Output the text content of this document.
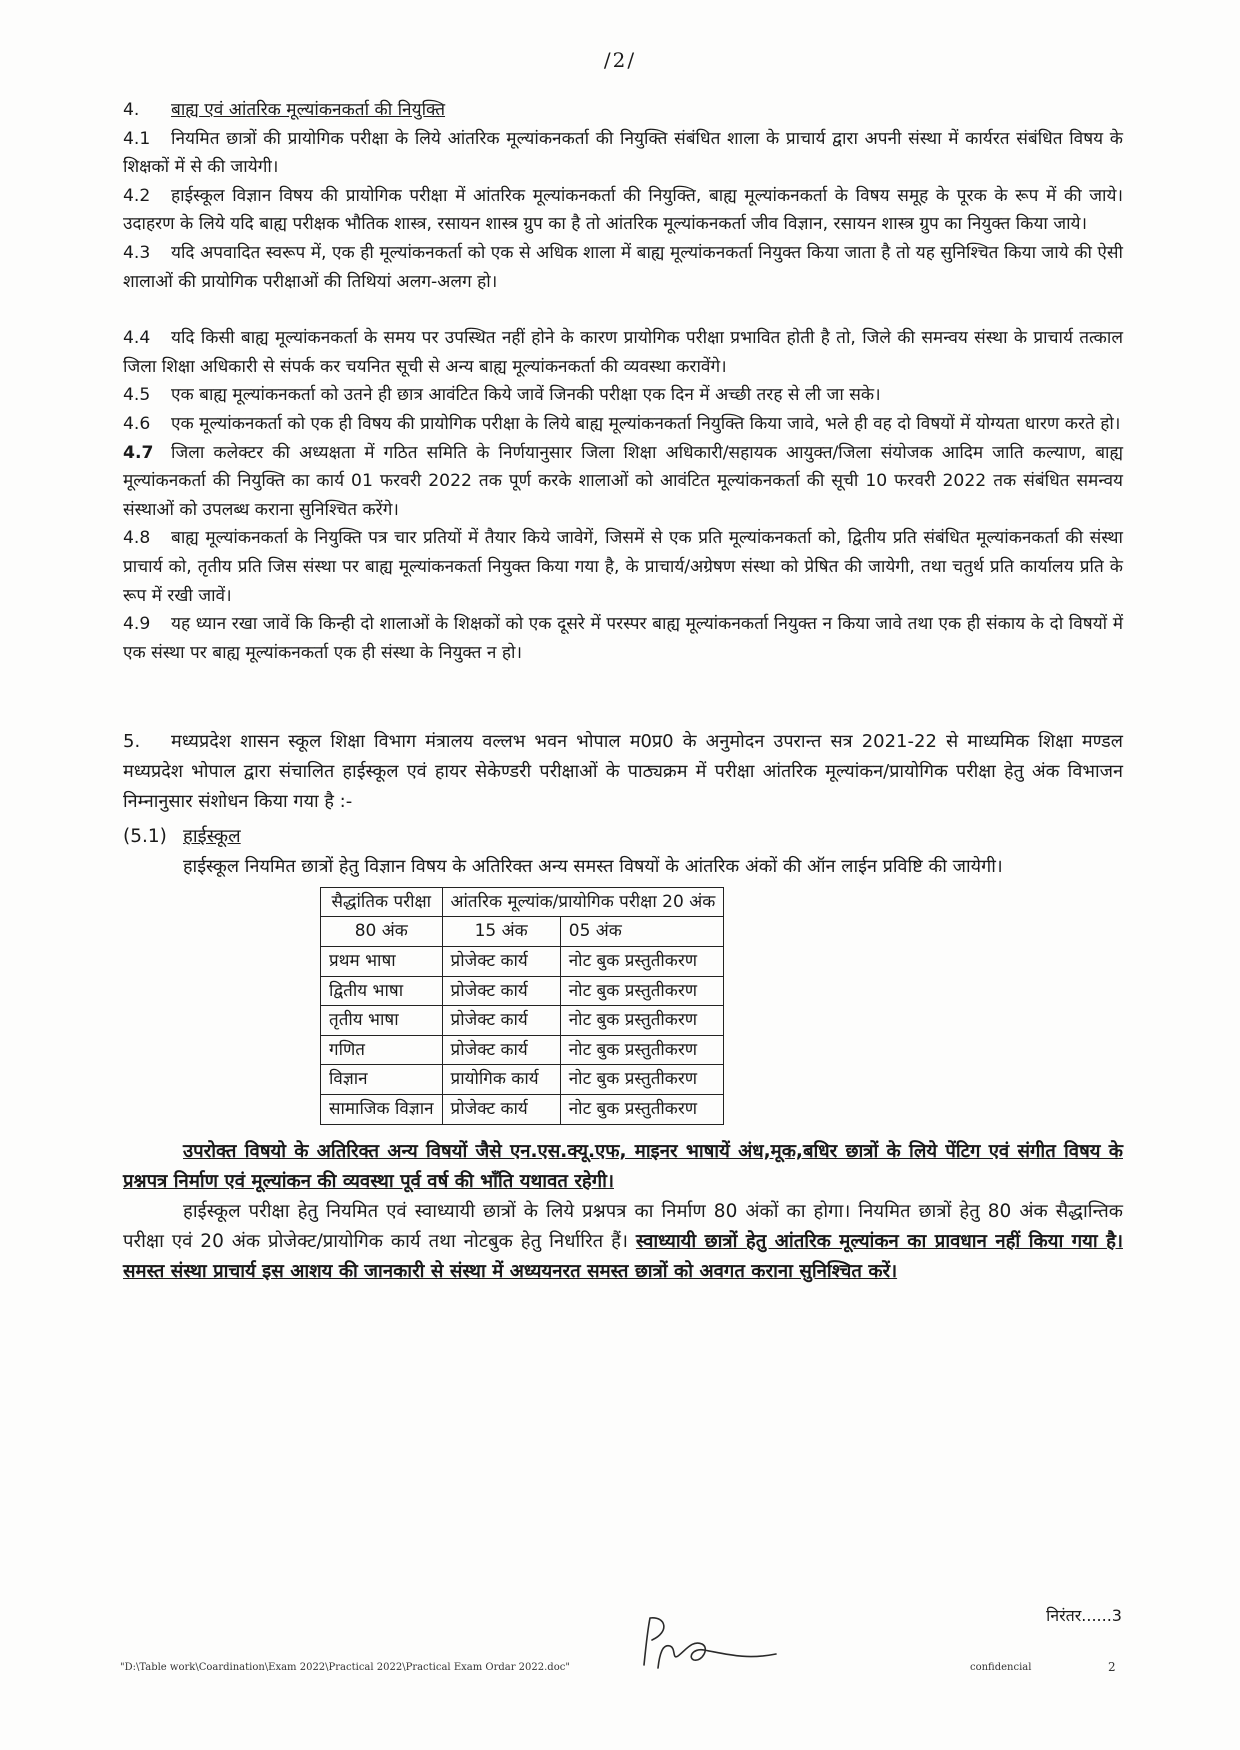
/2/

4. बाह्य एवं आंतरिक मूल्यांकनकर्ता की नियुक्ति

4.1 नियमित छात्रों की प्रायोगिक परीक्षा के लिये आंतरिक मूल्यांकनकर्ता की नियुक्ति संबंधित शाला के प्राचार्य द्वारा अपनी संस्था में कार्यरत संबंधित विषय के शिक्षकों में से की जायेगी।

4.2 हाईस्कूल विज्ञान विषय की प्रायोगिक परीक्षा में आंतरिक मूल्यांकनकर्ता की नियुक्ति, बाह्य मूल्यांकनकर्ता के विषय समूह के पूरक के रूप में की जाये। उदाहरण के लिये यदि बाह्य परीक्षक भौतिक शास्त्र, रसायन शास्त्र ग्रुप का है तो आंतरिक मूल्यांकनकर्ता जीव विज्ञान, रसायन शास्त्र ग्रुप का नियुक्त किया जाये।

4.3 यदि अपवादित स्वरूप में, एक ही मूल्यांकनकर्ता को एक से अधिक शाला में बाह्य मूल्यांकनकर्ता नियुक्त किया जाता है तो यह सुनिश्चित किया जाये की ऐसी शालाओं की प्रायोगिक परीक्षाओं की तिथियां अलग-अलग हो।

4.4 यदि किसी बाह्य मूल्यांकनकर्ता के समय पर उपस्थित नहीं होने के कारण प्रायोगिक परीक्षा प्रभावित होती है तो, जिले की समन्वय संस्था के प्राचार्य तत्काल जिला शिक्षा अधिकारी से संपर्क कर चयनित सूची से अन्य बाह्य मूल्यांकनकर्ता की व्यवस्था करावेंगे।

4.5 एक बाह्य मूल्यांकनकर्ता को उतने ही छात्र आवंटित किये जावें जिनकी परीक्षा एक दिन में अच्छी तरह से ली जा सके।

4.6 एक मूल्यांकनकर्ता को एक ही विषय की प्रायोगिक परीक्षा के लिये बाह्य मूल्यांकनकर्ता नियुक्ति किया जावे, भले ही वह दो विषयों में योग्यता धारण करते हो।

4.7 जिला कलेक्टर की अध्यक्षता में गठित समिति के निर्णयानुसार जिला शिक्षा अधिकारी/सहायक आयुक्त/जिला संयोजक आदिम जाति कल्याण, बाह्य मूल्यांकनकर्ता की नियुक्ति का कार्य 01 फरवरी 2022 तक पूर्ण करके शालाओं को आवंटित मूल्यांकनकर्ता की सूची 10 फरवरी 2022 तक संबंधित समन्वय संस्थाओं को उपलब्ध कराना सुनिश्चित करेंगे।

4.8 बाह्य मूल्यांकनकर्ता के नियुक्ति पत्र चार प्रतियों में तैयार किये जावेगें, जिसमें से एक प्रति मूल्यांकनकर्ता को, द्वितीय प्रति संबंधित मूल्यांकनकर्ता की संस्था प्राचार्य को, तृतीय प्रति जिस संस्था पर बाह्य मूल्यांकनकर्ता नियुक्त किया गया है, के प्राचार्य/अग्रेषण संस्था को प्रेषित की जायेगी, तथा चतुर्थ प्रति कार्यालय प्रति के रूप में रखी जावें।

4.9 यह ध्यान रखा जावें कि किन्ही दो शालाओं के शिक्षकों को एक दूसरे में परस्पर बाह्य मूल्यांकनकर्ता नियुक्त न किया जावे तथा एक ही संकाय के दो विषयों में एक संस्था पर बाह्य मूल्यांकनकर्ता एक ही संस्था के नियुक्त न हो।

5. मध्यप्रदेश शासन स्कूल शिक्षा विभाग मंत्रालय वल्लभ भवन भोपाल म0प्र0 के अनुमोदन उपरान्त सत्र 2021-22 से माध्यमिक शिक्षा मण्डल मध्यप्रदेश भोपाल द्वारा संचालित हाईस्कूल एवं हायर सेकेण्डरी परीक्षाओं के पाठ्यक्रम में परीक्षा आंतरिक मूल्यांकन/प्रायोगिक परीक्षा हेतु अंक विभाजन निम्नानुसार संशोधन किया गया है :-

(5.1) हाईस्कूल

हाईस्कूल नियमित छात्रों हेतु विज्ञान विषय के अतिरिक्त अन्य समस्त विषयों के आंतरिक अंकों की ऑन लाईन प्रविष्टि की जायेगी।

सैद्धांतिक परीक्षा	आंतरिक मूल्यांक/प्रायोगिक परीक्षा 20 अंक	
80 अंक	15 अंक	05 अंक
प्रथम भाषा	प्रोजेक्ट कार्य	नोट बुक प्रस्तुतीकरण
द्वितीय भाषा	प्रोजेक्ट कार्य	नोट बुक प्रस्तुतीकरण
तृतीय भाषा	प्रोजेक्ट कार्य	नोट बुक प्रस्तुतीकरण
गणित	प्रोजेक्ट कार्य	नोट बुक प्रस्तुतीकरण
विज्ञान	प्रायोगिक कार्य	नोट बुक प्रस्तुतीकरण
सामाजिक विज्ञान	प्रोजेक्ट कार्य	नोट बुक प्रस्तुतीकरण

उपरोक्त विषयो के अतिरिक्त अन्य विषयों जैसे एन.एस.क्यू.एफ, माइनर भाषायें अंध,मूक,बधिर छात्रों के लिये पेंटिग एवं संगीत विषय के प्रश्नपत्र निर्माण एवं मूल्यांकन की व्यवस्था पूर्व वर्ष की भाँति यथावत रहेगी।

हाईस्कूल परीक्षा हेतु नियमित एवं स्वाध्यायी छात्रों के लिये प्रश्नपत्र का निर्माण 80 अंकों का होगा। नियमित छात्रों हेतु 80 अंक सैद्धान्तिक परीक्षा एवं 20 अंक प्रोजेक्ट/प्रायोगिक कार्य तथा नोटबुक हेतु निर्धारित हैं। स्वाध्यायी छात्रों हेतु आंतरिक मूल्यांकन का प्रावधान नहीं किया गया है। समस्त संस्था प्राचार्य इस आशय की जानकारी से संस्था में अध्ययनरत समस्त छात्रों को अवगत कराना सुनिश्चित करें।

निरंतर......3
"D:\Table work\Coardination\Exam 2022\Practical 2022\Practical Exam Ordar 2022.doc"	confidencial	2
